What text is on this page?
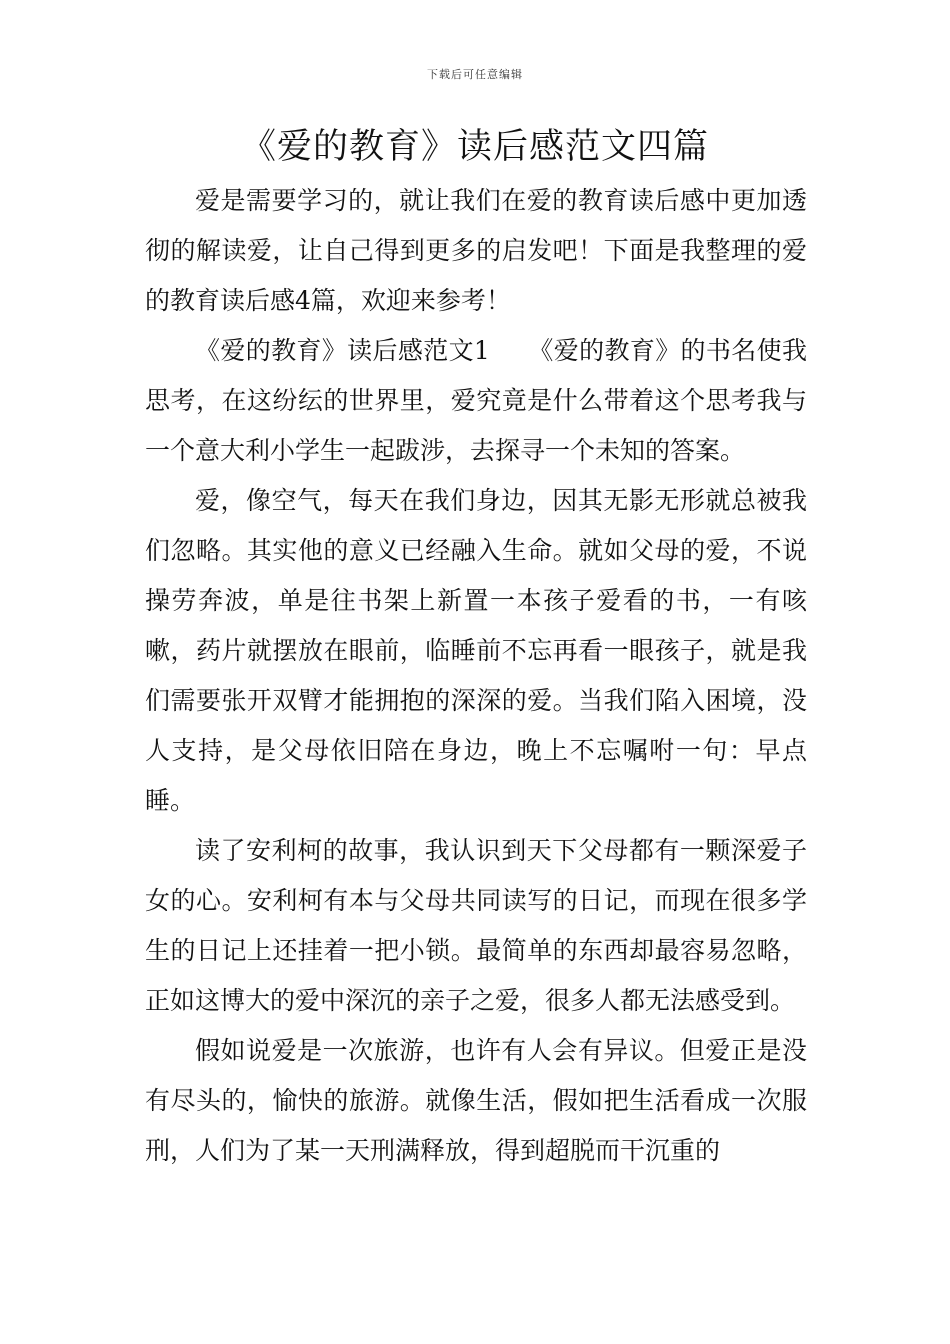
下载后可任意编辑
《爱的教育》读后感范文四篇

爱是需要学习的，就让我们在爱的教育读后感中更加透彻的解读爱，让自己得到更多的启发吧！下面是我整理的爱的教育读后感4篇，欢迎来参考！

《爱的教育》读后感范文1　　《爱的教育》的书名使我思考，在这纷纭的世界里，爱究竟是什么带着这个思考我与一个意大利小学生一起跋涉，去探寻一个未知的答案。

爱，像空气，每天在我们身边，因其无影无形就总被我们忽略。其实他的意义已经融入生命。就如父母的爱，不说操劳奔波，单是往书架上新置一本孩子爱看的书，一有咳嗽，药片就摆放在眼前，临睡前不忘再看一眼孩子，就是我们需要张开双臂才能拥抱的深深的爱。当我们陷入困境，没人支持，是父母依旧陪在身边，晚上不忘嘱咐一句：早点睡。

读了安利柯的故事，我认识到天下父母都有一颗深爱子女的心。安利柯有本与父母共同读写的日记，而现在很多学生的日记上还挂着一把小锁。最简单的东西却最容易忽略，正如这博大的爱中深沉的亲子之爱，很多人都无法感受到。

假如说爱是一次旅游，也许有人会有异议。但爱正是没有尽头的，愉快的旅游。就像生活，假如把生活看成一次服刑，人们为了某一天刑满释放，得到超脱而干沉重的
